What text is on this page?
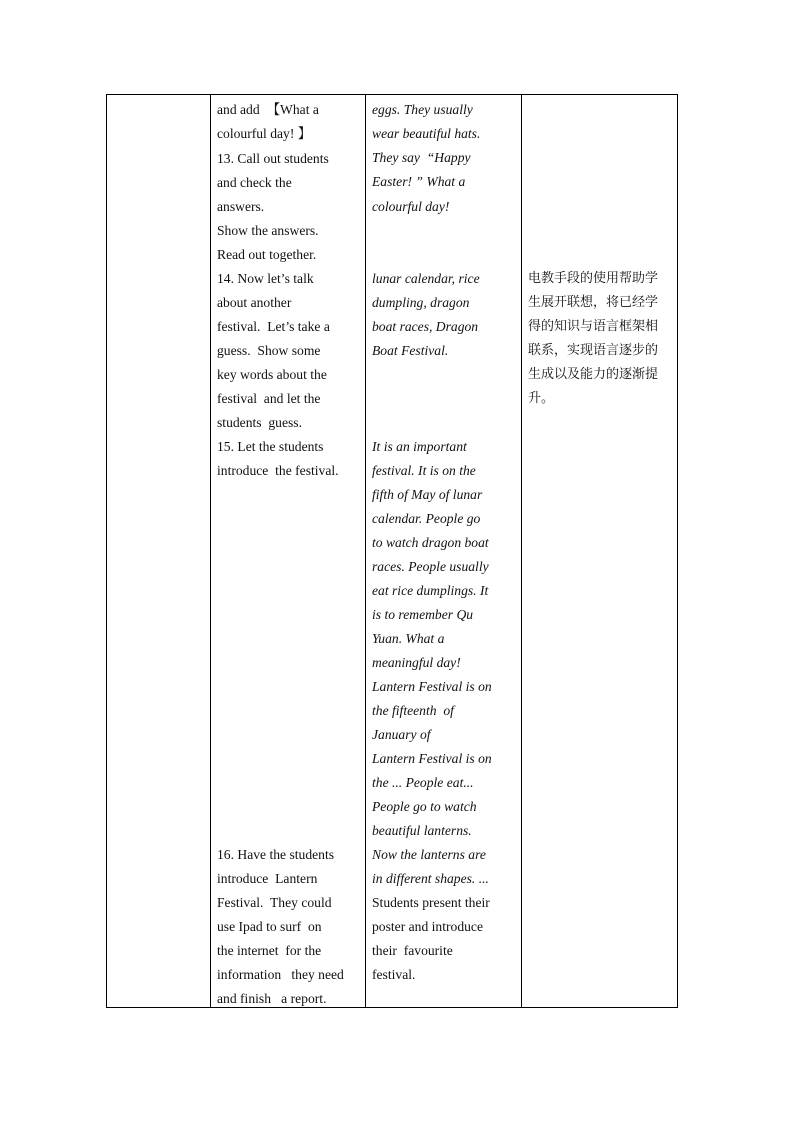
and add  【What a
colourful day! 】
13. Call out students
and check the
answers.
Show the answers.
Read out together.
14. Now let’s talk
about another
festival.  Let’s take a
guess.  Show some
key words about the
festival  and let the
students  guess.
15. Let the students
introduce  the festival.
16. Have the students
introduce  Lantern
Festival.  They could
use Ipad to surf  on
the internet  for the
information   they need
and finish   a report.
eggs. They usually
wear beautiful hats.
They say  “Happy
Easter! ” What a
colourful day!
lunar calendar, rice
dumpling, dragon
boat races, Dragon
Boat Festival.
It is an important
festival. It is on the
fifth of May of lunar
calendar. People go
to watch dragon boat
races. People usually
eat rice dumplings. It
is to remember Qu
Yuan. What a
meaningful day!
Lantern Festival is on
the fifteenth  of
January of
Lantern Festival is on
the ... People eat...
People go to watch
beautiful lanterns.
Now the lanterns are
in different shapes. ...
Students present their
poster and introduce
their  favourite
festival.
电教手段的使用帮助学
生展开联想，将已经学
得的知识与语言框架相
联系，实现语言逐步的
生成以及能力的逐渐提
升。
